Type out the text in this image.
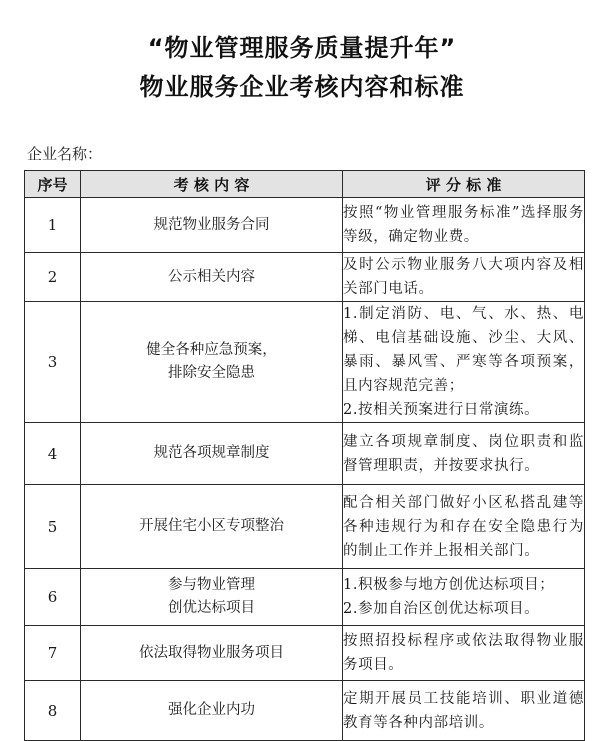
“物业管理服务质量提升年”
物业服务企业考核内容和标准
企业名称：
序号	考 核 内 容	评 分 标 准
1	规范物业服务合同	按照“物业管理服务标准”选择服务等级，确定物业费。

2	公示相关内容	及时公示物业服务八大项内容及相关部门电话。

3	健全各种应急预案，
排除安全隐患	1.制定消防、电、气、水、热、电梯、电信基础设施、沙尘、大风、暴雨、暴风雪、严寒等各项预案，且内容规范完善；
2.按相关预案进行日常演练。

4	规范各项规章制度	建立各项规章制度、岗位职责和监督管理职责，并按要求执行。

5	开展住宅小区专项整治	配合相关部门做好小区私搭乱建等各种违规行为和存在安全隐患行为的制止工作并上报相关部门。

6	参与物业管理
创优达标项目	1.积极参与地方创优达标项目；
2.参加自治区创优达标项目。

7	依法取得物业服务项目	按照招投标程序或依法取得物业服务项目。

8	强化企业内功	定期开展员工技能培训、职业道德教育等各种内部培训。
